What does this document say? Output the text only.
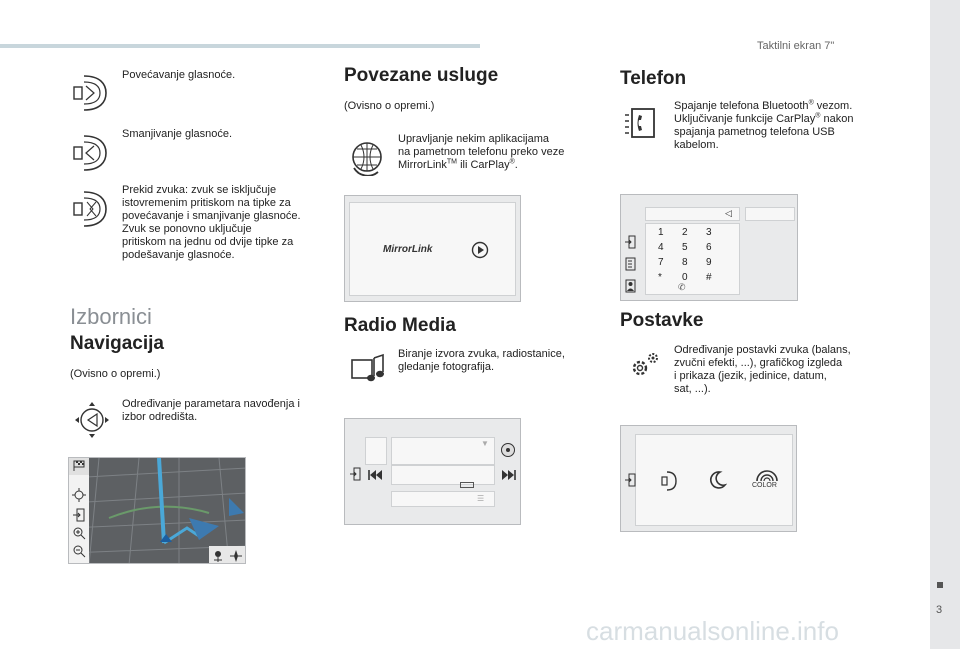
Taktilni ekran 7"
3
Povećavanje glasnoće.
Smanjivanje glasnoće.
Prekid zvuka: zvuk se isključuje
istovremenim pritiskom na tipke za
povećavanje i smanjivanje glasnoće.
Zvuk se ponovno uključuje
pritiskom na jednu od dvije tipke za
podešavanje glasnoće.
Izbornici
Navigacija
(Ovisno o opremi.)
Određivanje parametara navođenja i
izbor odredišta.
Povezane usluge
(Ovisno o opremi.)
Upravljanje nekim aplikacijama
na pametnom telefonu preko veze
MirrorLink™ ili CarPlay®.
MirrorLink
Radio Media
Biranje izvora zvuka, radiostanice,
gledanje fotografija.
▼
☰
Telefon
Spajanje telefona Bluetooth® vezom.
Uključivanje funkcije CarPlay® nakon
spajanja pametnog telefona USB
kabelom.
◁
1 2 3
4 5 6
7 8 9
* 0 #
✆
Postavke
Određivanje postavki zvuka (balans,
zvučni efekti, ...), grafičkog izgleda
i prikaza (jezik, jedinice, datum,
sat, ...).
COLOR
carmanualsonline.info
